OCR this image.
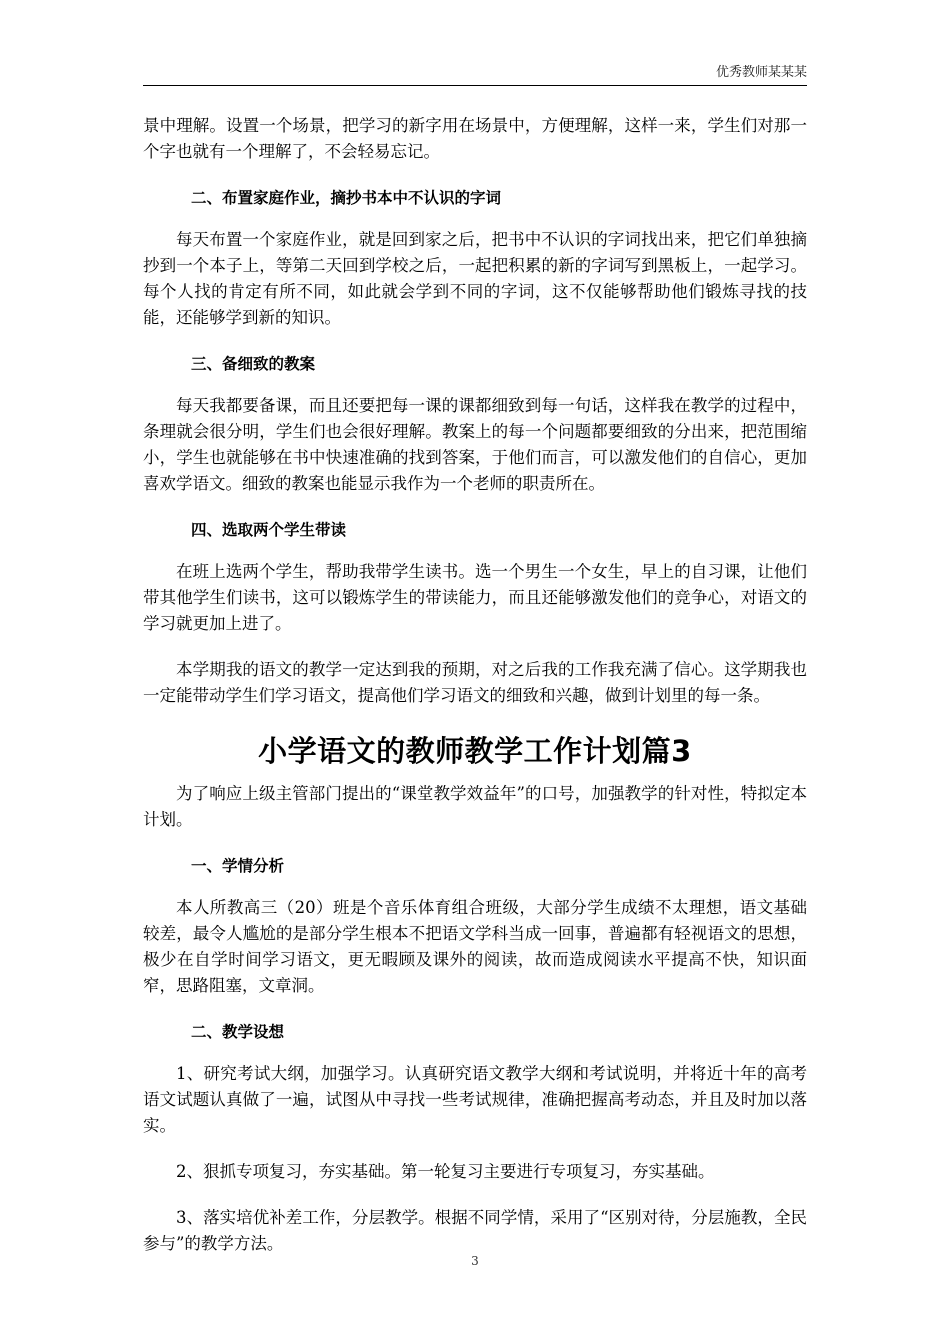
优秀教师某某某

景中理解。设置一个场景，把学习的新字用在场景中，方便理解，这样一来，学生们对那一个字也就有一个理解了，不会轻易忘记。

二、布置家庭作业，摘抄书本中不认识的字词

每天布置一个家庭作业，就是回到家之后，把书中不认识的字词找出来，把它们单独摘抄到一个本子上，等第二天回到学校之后，一起把积累的新的字词写到黑板上，一起学习。每个人找的肯定有所不同，如此就会学到不同的字词，这不仅能够帮助他们锻炼寻找的技能，还能够学到新的知识。

三、备细致的教案

每天我都要备课，而且还要把每一课的课都细致到每一句话，这样我在教学的过程中，条理就会很分明，学生们也会很好理解。教案上的每一个问题都要细致的分出来，把范围缩小，学生也就能够在书中快速准确的找到答案，于他们而言，可以激发他们的自信心，更加喜欢学语文。细致的教案也能显示我作为一个老师的职责所在。

四、选取两个学生带读

在班上选两个学生，帮助我带学生读书。选一个男生一个女生，早上的自习课，让他们带其他学生们读书，这可以锻炼学生的带读能力，而且还能够激发他们的竞争心，对语文的学习就更加上进了。

本学期我的语文的教学一定达到我的预期，对之后我的工作我充满了信心。这学期我也一定能带动学生们学习语文，提高他们学习语文的细致和兴趣，做到计划里的每一条。

小学语文的教师教学工作计划篇3

为了响应上级主管部门提出的“课堂教学效益年”的口号，加强教学的针对性，特拟定本计划。

一、学情分析

本人所教高三（20）班是个音乐体育组合班级，大部分学生成绩不太理想，语文基础较差，最令人尴尬的是部分学生根本不把语文学科当成一回事，普遍都有轻视语文的思想，极少在自学时间学习语文，更无暇顾及课外的阅读，故而造成阅读水平提高不快，知识面窄，思路阻塞，文章洞。

二、教学设想

1、研究考试大纲，加强学习。认真研究语文教学大纲和考试说明，并将近十年的高考语文试题认真做了一遍，试图从中寻找一些考试规律，准确把握高考动态，并且及时加以落实。

2、狠抓专项复习，夯实基础。第一轮复习主要进行专项复习，夯实基础。

3、落实培优补差工作，分层教学。根据不同学情，采用了“区别对待，分层施教，全民参与”的教学方法。

3
